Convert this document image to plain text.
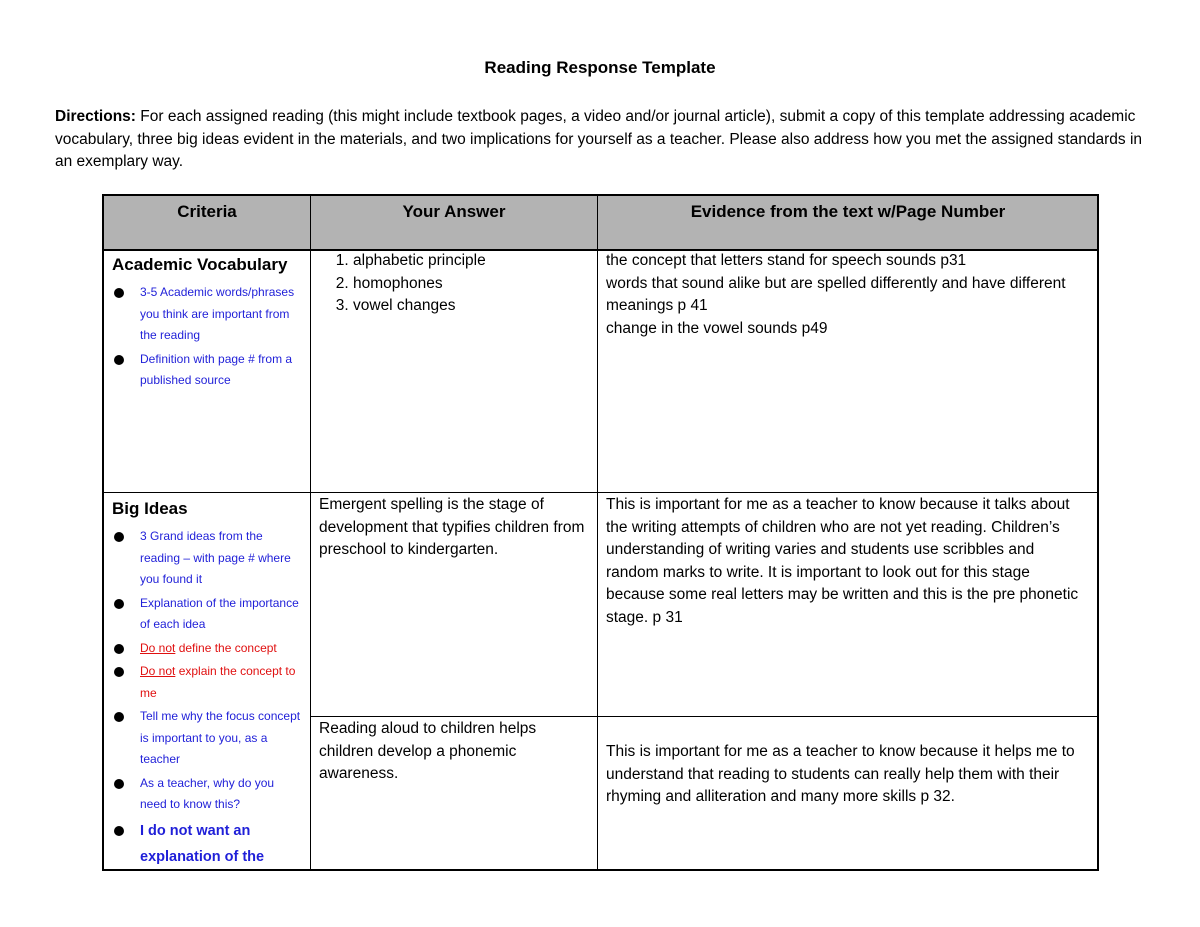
Reading Response Template
Directions: For each assigned reading (this might include textbook pages, a video and/or journal article), submit a copy of this template addressing academic vocabulary, three big ideas evident in the materials, and two implications for yourself as a teacher. Please also address how you met the assigned standards in an exemplary way.
Criteria	Your Answer	Evidence from the text w/Page Number
Academic Vocabulary
3-5 Academic words/phrases you think are important from the reading
Definition with page # from a published source
1. alphabetic principle
2. homophones
3. vowel changes

the concept that letters stand for speech sounds p31

words that sound alike but are spelled differently and have different meanings p 41

change in the vowel sounds p49

Big Ideas
3 Grand ideas from the reading – with page # where you found it
Explanation of the importance of each idea
Do not define the concept
Do not explain the concept to me
Tell me why the focus concept is important to you, as a teacher
As a teacher, why do you need to know this?
I do not want an explanation of the
Emergent spelling is the stage of development that typifies children from preschool to kindergarten.
This is important for me as a teacher to know because it talks about the writing attempts of children who are not yet reading. Children’s understanding of writing varies and students use scribbles and random marks to write. It is important to look out for this stage because some real letters may be written and this is the pre phonetic stage. p 31
Reading aloud to children helps children develop a phonemic awareness.
This is important for me as a teacher to know because it helps me to understand that reading to students can really help them with their rhyming and alliteration and many more skills p 32.
